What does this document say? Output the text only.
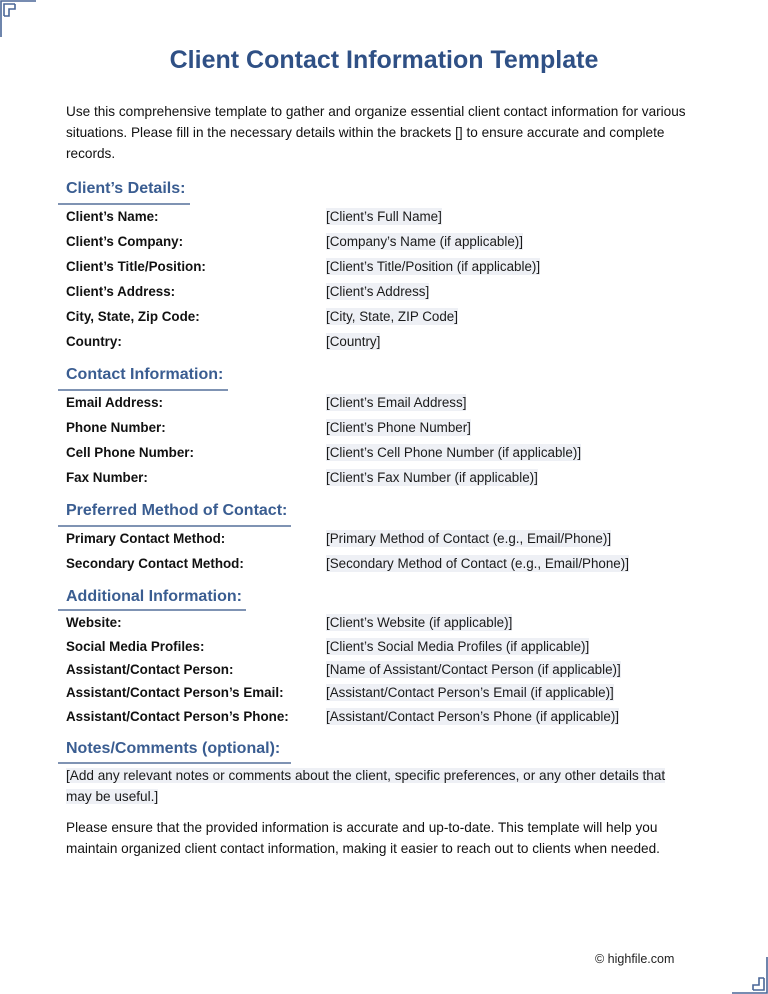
Client Contact Information Template
Use this comprehensive template to gather and organize essential client contact information for various situations. Please fill in the necessary details within the brackets [] to ensure accurate and complete records.
Client’s Details:
Client’s Name:	[Client’s Full Name]
Client’s Company:	[Company’s Name (if applicable)]
Client’s Title/Position:	[Client’s Title/Position (if applicable)]
Client’s Address:	[Client’s Address]
City, State, Zip Code:	[City, State, ZIP Code]
Country:	[Country]
Contact Information:
Email Address:	[Client’s Email Address]
Phone Number:	[Client’s Phone Number]
Cell Phone Number:	[Client’s Cell Phone Number (if applicable)]
Fax Number:	[Client’s Fax Number (if applicable)]
Preferred Method of Contact:
Primary Contact Method:	[Primary Method of Contact (e.g., Email/Phone)]
Secondary Contact Method:	[Secondary Method of Contact (e.g., Email/Phone)]
Additional Information:
Website:	[Client’s Website (if applicable)]
Social Media Profiles:	[Client’s Social Media Profiles (if applicable)]
Assistant/Contact Person:	[Name of Assistant/Contact Person (if applicable)]
Assistant/Contact Person’s Email:	[Assistant/Contact Person’s Email (if applicable)]
Assistant/Contact Person’s Phone:	[Assistant/Contact Person’s Phone (if applicable)]
Notes/Comments (optional):
[Add any relevant notes or comments about the client, specific preferences, or any other details that may be useful.]
Please ensure that the provided information is accurate and up-to-date. This template will help you maintain organized client contact information, making it easier to reach out to clients when needed.
© highfile.com
